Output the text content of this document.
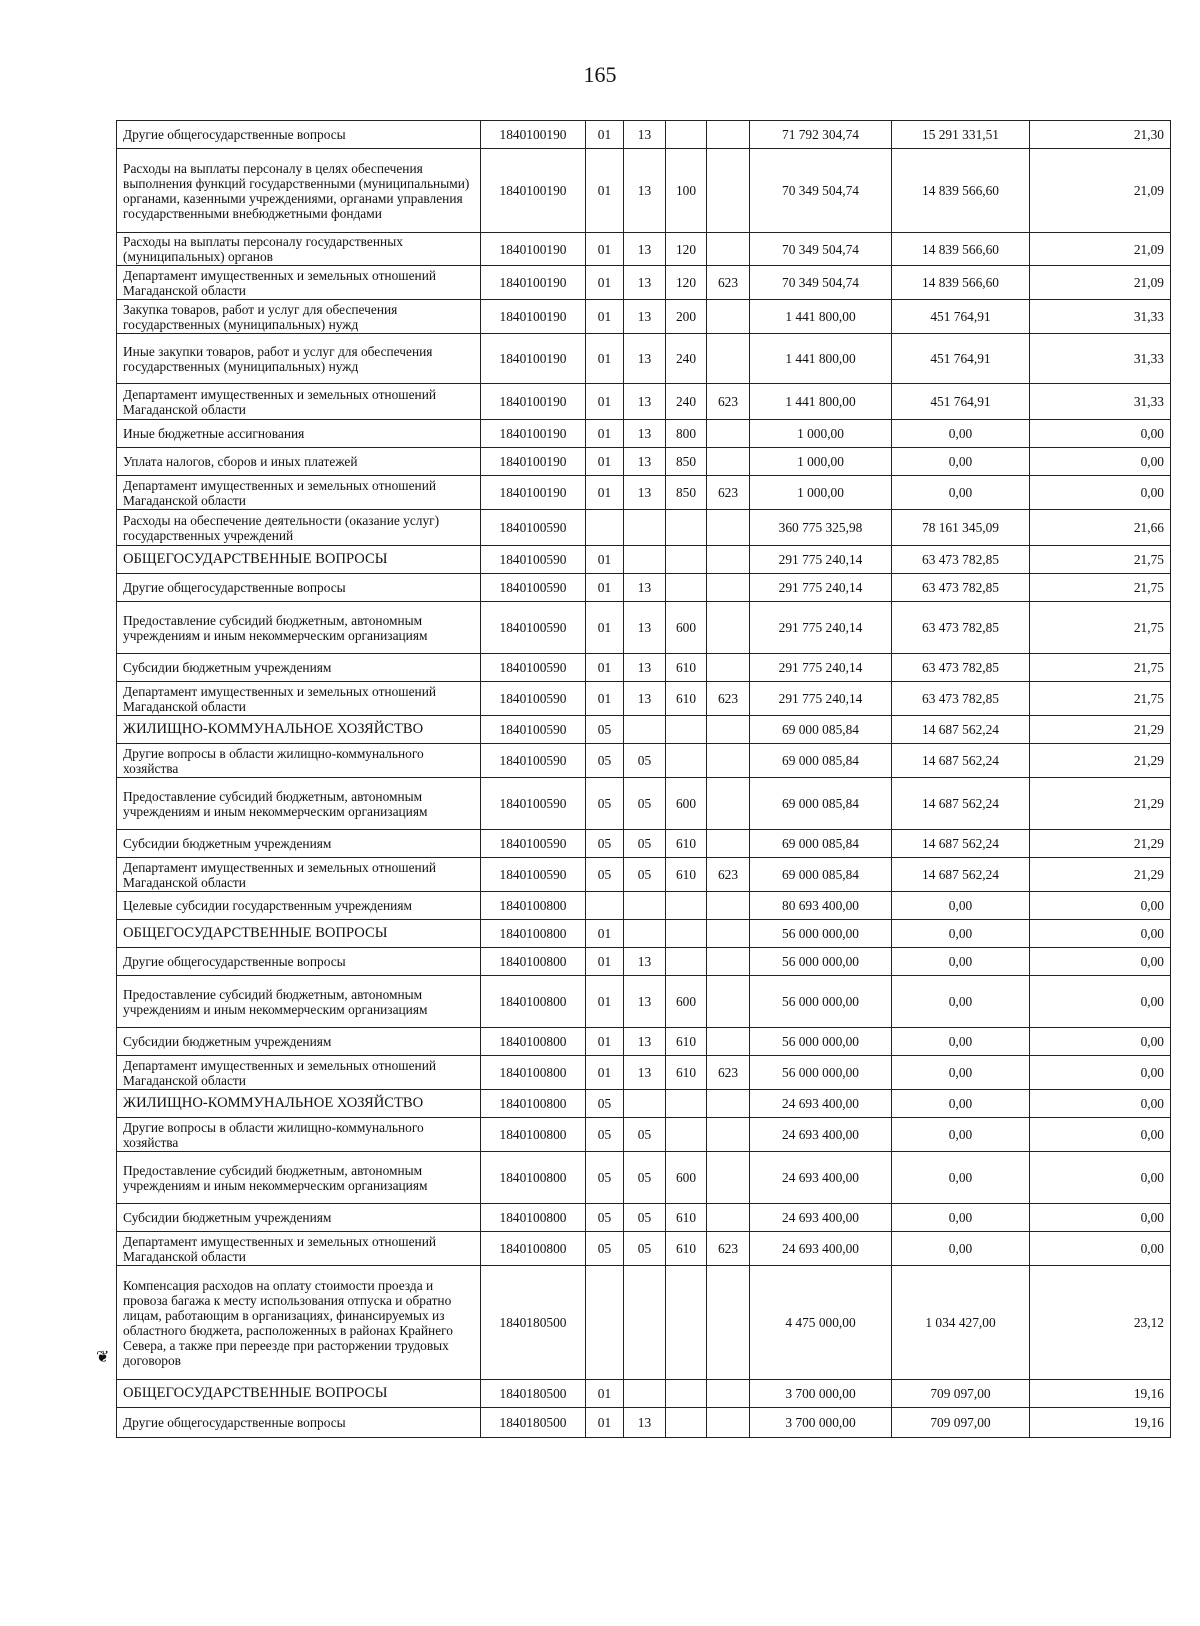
165
❦
Другие общегосударственные вопросы	1840100190	01	13			71 792 304,74	15 291 331,51	21,30
Расходы на выплаты персоналу в целях обеспечения выполнения функций государственными (муниципальными) органами, казенными учреждениями, органами управления государственными внебюджетными фондами	1840100190	01	13	100		70 349 504,74	14 839 566,60	21,09
Расходы на выплаты персоналу государственных (муниципальных) органов	1840100190	01	13	120		70 349 504,74	14 839 566,60	21,09
Департамент имущественных и земельных отношений Магаданской области	1840100190	01	13	120	623	70 349 504,74	14 839 566,60	21,09
Закупка товаров, работ и услуг для обеспечения государственных (муниципальных) нужд	1840100190	01	13	200		1 441 800,00	451 764,91	31,33
Иные закупки товаров, работ и услуг для обеспечения государственных (муниципальных) нужд	1840100190	01	13	240		1 441 800,00	451 764,91	31,33
Департамент имущественных и земельных отношений Магаданской области	1840100190	01	13	240	623	1 441 800,00	451 764,91	31,33
Иные бюджетные ассигнования	1840100190	01	13	800		1 000,00	0,00	0,00
Уплата налогов, сборов и иных платежей	1840100190	01	13	850		1 000,00	0,00	0,00
Департамент имущественных и земельных отношений Магаданской области	1840100190	01	13	850	623	1 000,00	0,00	0,00
Расходы на обеспечение деятельности (оказание услуг) государственных учреждений	1840100590					360 775 325,98	78 161 345,09	21,66
ОБЩЕГОСУДАРСТВЕННЫЕ ВОПРОСЫ	1840100590	01				291 775 240,14	63 473 782,85	21,75
Другие общегосударственные вопросы	1840100590	01	13			291 775 240,14	63 473 782,85	21,75
Предоставление субсидий бюджетным, автономным учреждениям и иным некоммерческим организациям	1840100590	01	13	600		291 775 240,14	63 473 782,85	21,75
Субсидии бюджетным учреждениям	1840100590	01	13	610		291 775 240,14	63 473 782,85	21,75
Департамент имущественных и земельных отношений Магаданской области	1840100590	01	13	610	623	291 775 240,14	63 473 782,85	21,75
ЖИЛИЩНО-КОММУНАЛЬНОЕ ХОЗЯЙСТВО	1840100590	05				69 000 085,84	14 687 562,24	21,29
Другие вопросы в области жилищно-коммунального хозяйства	1840100590	05	05			69 000 085,84	14 687 562,24	21,29
Предоставление субсидий бюджетным, автономным учреждениям и иным некоммерческим организациям	1840100590	05	05	600		69 000 085,84	14 687 562,24	21,29
Субсидии бюджетным учреждениям	1840100590	05	05	610		69 000 085,84	14 687 562,24	21,29
Департамент имущественных и земельных отношений Магаданской области	1840100590	05	05	610	623	69 000 085,84	14 687 562,24	21,29
Целевые субсидии государственным учреждениям	1840100800					80 693 400,00	0,00	0,00
ОБЩЕГОСУДАРСТВЕННЫЕ ВОПРОСЫ	1840100800	01				56 000 000,00	0,00	0,00
Другие общегосударственные вопросы	1840100800	01	13			56 000 000,00	0,00	0,00
Предоставление субсидий бюджетным, автономным учреждениям и иным некоммерческим организациям	1840100800	01	13	600		56 000 000,00	0,00	0,00
Субсидии бюджетным учреждениям	1840100800	01	13	610		56 000 000,00	0,00	0,00
Департамент имущественных и земельных отношений Магаданской области	1840100800	01	13	610	623	56 000 000,00	0,00	0,00
ЖИЛИЩНО-КОММУНАЛЬНОЕ ХОЗЯЙСТВО	1840100800	05				24 693 400,00	0,00	0,00
Другие вопросы в области жилищно-коммунального хозяйства	1840100800	05	05			24 693 400,00	0,00	0,00
Предоставление субсидий бюджетным, автономным учреждениям и иным некоммерческим организациям	1840100800	05	05	600		24 693 400,00	0,00	0,00
Субсидии бюджетным учреждениям	1840100800	05	05	610		24 693 400,00	0,00	0,00
Департамент имущественных и земельных отношений Магаданской области	1840100800	05	05	610	623	24 693 400,00	0,00	0,00
Компенсация расходов на оплату стоимости проезда и провоза багажа к месту использования отпуска и обратно лицам, работающим в организациях, финансируемых из областного бюджета, расположенных в районах Крайнего Севера, а также при переезде при расторжении трудовых договоров	1840180500					4 475 000,00	1 034 427,00	23,12
ОБЩЕГОСУДАРСТВЕННЫЕ ВОПРОСЫ	1840180500	01				3 700 000,00	709 097,00	19,16
Другие общегосударственные вопросы	1840180500	01	13			3 700 000,00	709 097,00	19,16
